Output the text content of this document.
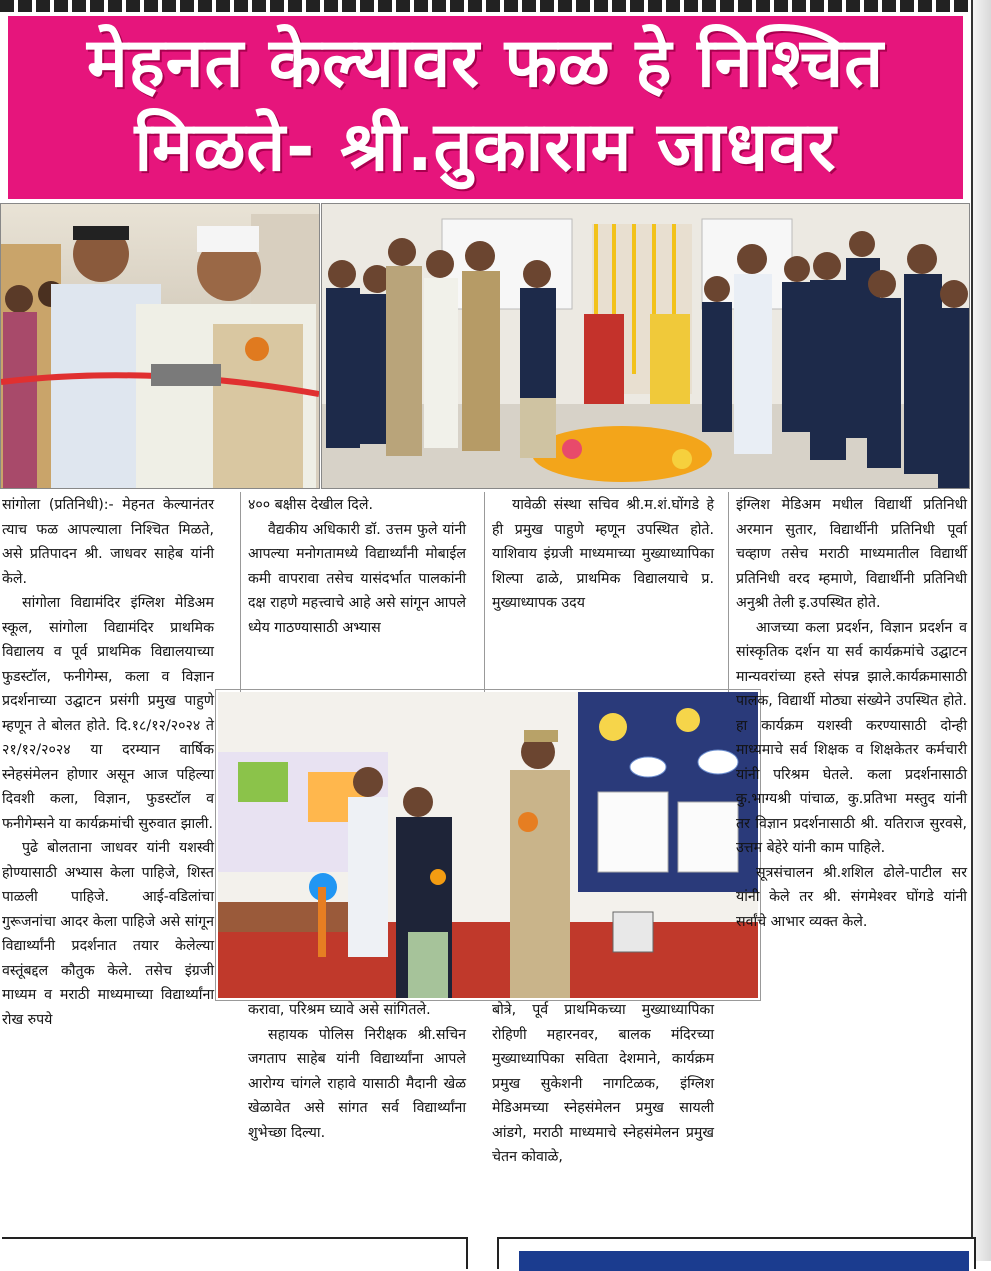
मेहनत केल्यावर फळ हे निश्चित
मिळते- श्री.तुकाराम जाधवर

सांगोला (प्रतिनिधी):- मेहनत केल्यानंतर त्याच फळ आपल्याला निश्चित मिळते, असे प्रतिपादन श्री. जाधवर साहेब यांनी केले.

सांगोला विद्यामंदिर इंग्लिश मेडिअम स्कूल, सांगोला विद्यामंदिर प्राथमिक विद्यालय व पूर्व प्राथमिक विद्यालयाच्या फुडस्टॉल, फनीगेम्स, कला व विज्ञान प्रदर्शनाच्या उद्घाटन प्रसंगी प्रमुख पाहुणे म्हणून ते बोलत होते. दि.१८/१२/२०२४ ते २१/१२/२०२४ या दरम्यान वार्षिक स्नेहसंमेलन होणार असून आज पहिल्या दिवशी कला, विज्ञान, फुडस्टॉल व फनीगेम्सने या कार्यक्रमांची सुरुवात झाली.

पुढे बोलताना जाधवर यांनी यशस्वी होण्यासाठी अभ्यास केला पाहिजे, शिस्त पाळली पाहिजे. आई-वडिलांचा गुरूजनांचा आदर केला पाहिजे असे सांगून विद्यार्थ्यांनी प्रदर्शनात तयार केलेल्या वस्तूंबद्दल कौतुक केले. तसेच इंग्रजी माध्यम व मराठी माध्यमाच्या विद्यार्थ्यांना रोख रुपये

४०० बक्षीस देखील दिले.

वैद्यकीय अधिकारी डॉ. उत्तम फुले यांनी आपल्या मनोगतामध्ये विद्यार्थ्यांनी मोबाईल कमी वापरावा तसेच यासंदर्भात पालकांनी दक्ष राहणे महत्त्वाचे आहे असे सांगून आपले ध्येय गाठण्यासाठी अभ्यास

करावा, परिश्रम घ्यावे असे सांगितले.

सहायक पोलिस निरीक्षक श्री.सचिन जगताप साहेब यांनी विद्यार्थ्यांना आपले आरोग्य चांगले राहावे यासाठी मैदानी खेळ खेळावेत असे सांगत सर्व विद्यार्थ्यांना शुभेच्छा दिल्या.

यावेळी संस्था सचिव श्री.म.शं.घोंगडे हे ही प्रमुख पाहुणे म्हणून उपस्थित होते. याशिवाय इंग्रजी माध्यमाच्या मुख्याध्यापिका शिल्पा ढाळे, प्राथमिक विद्यालयाचे प्र. मुख्याध्यापक उदय

बोत्रे, पूर्व प्राथमिकच्या मुख्याध्यापिका रोहिणी महारनवर, बालक मंदिरच्या मुख्याध्यापिका सविता देशमाने, कार्यक्रम प्रमुख सुकेशनी नागटिळक, इंग्लिश मेडिअमच्या स्नेहसंमेलन प्रमुख सायली आंडगे, मराठी माध्यमाचे स्नेहसंमेलन प्रमुख चेतन कोवाळे,

इंग्लिश मेडिअम मधील विद्यार्थी प्रतिनिधी अरमान सुतार, विद्यार्थीनी प्रतिनिधी पूर्वा चव्हाण तसेच मराठी माध्यमातील विद्यार्थी प्रतिनिधी वरद म्हमाणे, विद्यार्थीनी प्रतिनिधी अनुश्री तेली इ.उपस्थित होते.

आजच्या कला प्रदर्शन, विज्ञान प्रदर्शन व सांस्कृतिक दर्शन या सर्व कार्यक्रमांचे उद्घाटन मान्यवरांच्या हस्ते संपन्न झाले.कार्यक्रमासाठी पालक, विद्यार्थी मोठ्या संख्येने उपस्थित होते. हा कार्यक्रम यशस्वी करण्यासाठी दोन्ही माध्यमाचे सर्व शिक्षक व शिक्षकेतर कर्मचारी यांनी परिश्रम घेतले. कला प्रदर्शनासाठी कु.भाग्यश्री पांचाळ, कु.प्रतिभा मस्तुद यांनी तर विज्ञान प्रदर्शनासाठी श्री. यतिराज सुरवसे, उत्तम बेहेरे यांनी काम पाहिले.

सूत्रसंचालन श्री.शशिल ढोले-पाटील सर यांनी केले तर श्री. संगमेश्वर घोंगडे यांनी सर्वांचे आभार व्यक्त केले.
